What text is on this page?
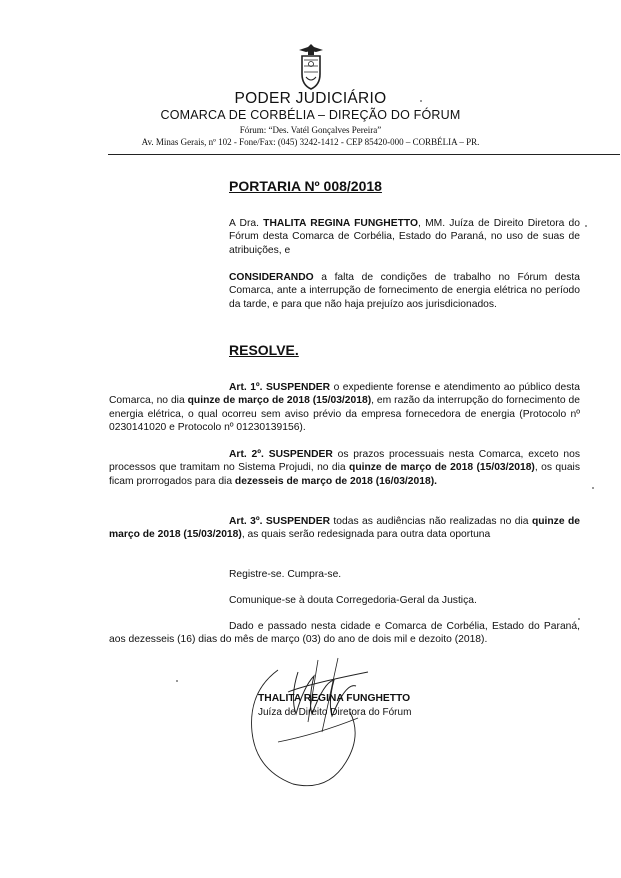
PODER JUDICIÁRIO
COMARCA DE CORBÉLIA – DIREÇÃO DO FÓRUM
Fórum: “Des. Vatél Gonçalves Pereira”
Av. Minas Gerais, nº 102 - Fone/Fax: (045) 3242-1412 - CEP 85420-000 – CORBÉLIA – PR.
PORTARIA Nº 008/2018
A Dra. THALITA REGINA FUNGHETTO, MM. Juíza de Direito Diretora do Fórum desta Comarca de Corbélia, Estado do Paraná, no uso de suas de atribuições, e
CONSIDERANDO a falta de condições de trabalho no Fórum desta Comarca, ante a interrupção de fornecimento de energia elétrica no período da tarde, e para que não haja prejuízo aos jurisdicionados.
RESOLVE.
Art. 1º. SUSPENDER o expediente forense e atendimento ao público desta Comarca, no dia quinze de março de 2018 (15/03/2018), em razão da interrupção do fornecimento de energia elétrica, o qual ocorreu sem aviso prévio da empresa fornecedora de energia (Protocolo nº 0230141020 e Protocolo nº 01230139156).
Art. 2º. SUSPENDER os prazos processuais nesta Comarca, exceto nos processos que tramitam no Sistema Projudi, no dia quinze de março de 2018 (15/03/2018), os quais ficam prorrogados para dia dezesseis de março de 2018 (16/03/2018).
Art. 3º. SUSPENDER todas as audiências não realizadas no dia quinze de março de 2018 (15/03/2018), as quais serão redesignada para outra data oportuna
Registre-se. Cumpra-se.
Comunique-se à douta Corregedoria-Geral da Justiça.
Dado e passado nesta cidade e Comarca de Corbélia, Estado do Paraná, aos dezesseis (16) dias do mês de março (03) do ano de dois mil e dezoito (2018).
THALITA REGINA FUNGHETTO
Juíza de Direito Diretora do Fórum
